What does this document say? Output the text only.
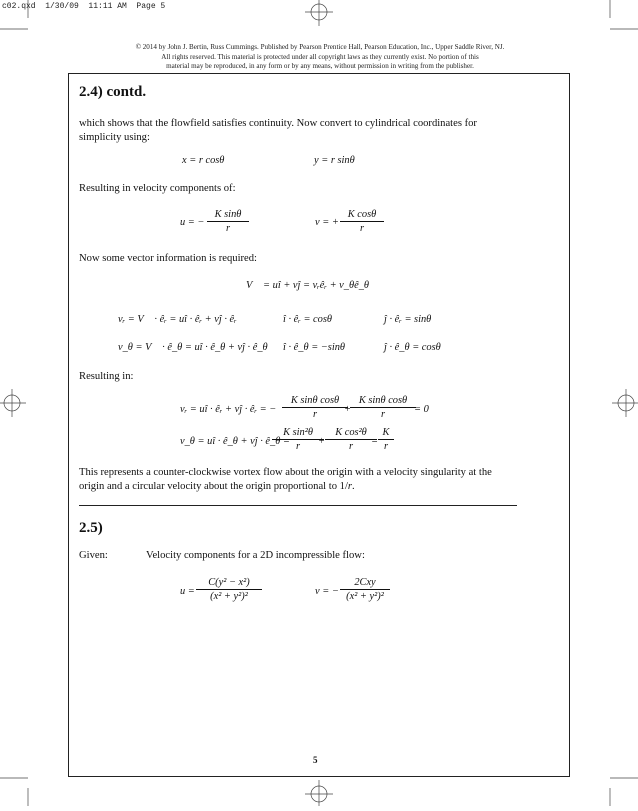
c02.qxd  1/30/09  11:11 AM  Page 5
© 2014 by John J. Bertin, Russ Cummings. Published by Pearson Prentice Hall, Pearson Education, Inc., Upper Saddle River, NJ.
All rights reserved. This material is protected under all copyright laws as they currently exist. No portion of this
material may be reproduced, in any form or by any means, without permission in writing from the publisher.
2.4) contd.
which shows that the flowfield satisfies continuity. Now convert to cylindrical coordinates for
simplicity using:
x = r cosθ	y = r sinθ
Resulting in velocity components of:
u = − $\frac{\text{K sinθ}}{r}$	v = + $\frac{\text{K cosθ}}{r}$
Now some vector information is required:
V⃗ = uî + vĵ = vᵣêᵣ + v_θê_θ
vᵣ = V⃗ · êᵣ = uî · êᵣ + vĵ · êᵣ	î · êᵣ = cosθ	ĵ · êᵣ = sinθ
v_θ = V⃗ · ê_θ = uî · ê_θ + vĵ · ê_θ î · ê_θ = −sinθ	ĵ · ê_θ = cosθ
Resulting in:
vᵣ = uî · êᵣ + vĵ · êᵣ = − $\frac{\text{K sinθ cosθ}}{r}$
+
$\frac{\text{K sinθ cosθ}}{r}$
= 0
v_θ = uî · ê_θ + vĵ · ê_θ =
$\frac{\text{K sin²θ}}{r}$
+ $\frac{\text{K cos²θ}}{r}$
= $\frac{K}{r}$
This represents a counter-clockwise vortex flow about the origin with a velocity singularity at the
origin and a circular velocity about the origin proportional to 1/r.
2.5)
Given:	Velocity components for a 2D incompressible flow:
$u = \frac{\text{C(y² − x²)}}{\text{(x² + y²)²}}$	v = −
2Cxy
(x² + y²)²
5
